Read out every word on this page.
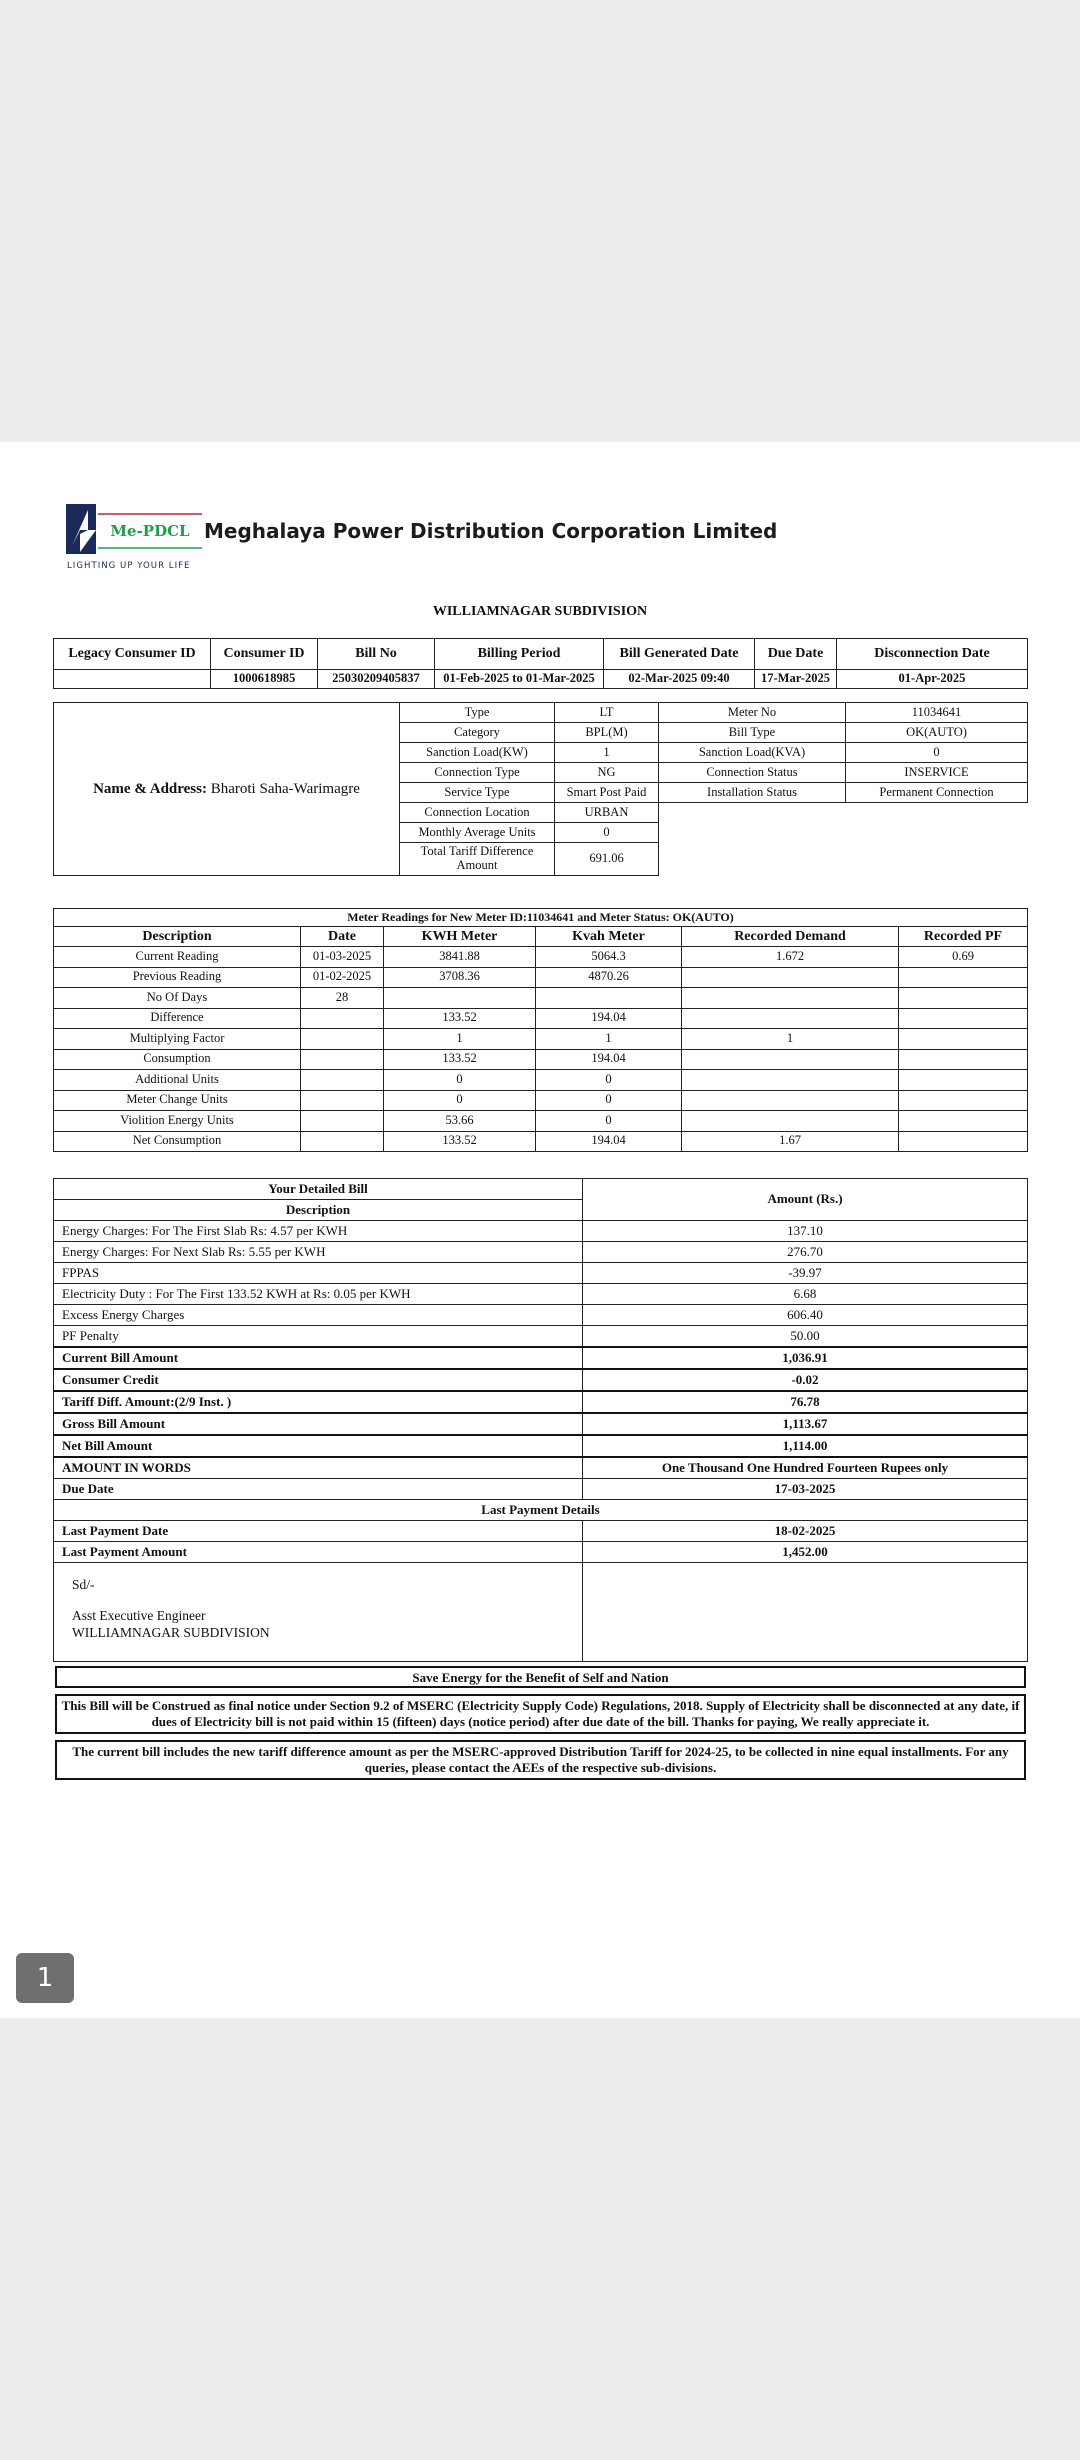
Me-PDCL
LIGHTING UP YOUR LIFE
Meghalaya Power Distribution Corporation Limited
WILLIAMNAGAR SUBDIVISION
Legacy Consumer ID	Consumer ID	Bill No	Billing Period	Bill Generated Date	Due Date	Disconnection Date
	1000618985	25030209405837	01-Feb-2025 to 01-Mar-2025	02-Mar-2025 09:40	17-Mar-2025	01-Apr-2025
Name & Address: Bharoti Saha-Warimagre	Type	LT	Meter No	11034641
	Category	BPL(M)	Bill Type	OK(AUTO)
	Sanction Load(KW)	1	Sanction Load(KVA)	0
	Connection Type	NG	Connection Status	INSERVICE
	Service Type	Smart Post Paid	Installation Status	Permanent Connection
	Connection Location	URBAN		
	Monthly Average Units	0		
	Total Tariff Difference Amount	691.06		
Meter Readings for New Meter ID:11034641 and Meter Status: OK(AUTO)					
Description	Date	KWH Meter	Kvah Meter	Recorded Demand	Recorded PF
Current Reading	01-03-2025	3841.88	5064.3	1.672	0.69
Previous Reading	01-02-2025	3708.36	4870.26		
No Of Days	28				
Difference		133.52	194.04		
Multiplying Factor		1	1	1	
Consumption		133.52	194.04		
Additional Units		0	0		
Meter Change Units		0	0		
Violition Energy Units		53.66	0		
Net Consumption		133.52	194.04	1.67	
Your Detailed Bill	Amount (Rs.)
Description	
Energy Charges: For The First Slab Rs: 4.57 per KWH	137.10
Energy Charges: For Next Slab Rs: 5.55 per KWH	276.70
FPPAS	-39.97
Electricity Duty : For The First 133.52 KWH at Rs: 0.05 per KWH	6.68
Excess Energy Charges	606.40
PF Penalty	50.00
Current Bill Amount	1,036.91
Consumer Credit	-0.02
Tariff Diff. Amount:(2/9 Inst. )	76.78
Gross Bill Amount	1,113.67
Net Bill Amount	1,114.00
AMOUNT IN WORDS	One Thousand One Hundred Fourteen Rupees only
Due Date	17-03-2025
Last Payment Details	
Last Payment Date	18-02-2025
Last Payment Amount	1,452.00

Sd/-
Asst Executive Engineer
WILLIAMNAGAR SUBDIVISION	

Save Energy for the Benefit of Self and Nation
This Bill will be Construed as final notice under Section 9.2 of MSERC (Electricity Supply Code) Regulations, 2018. Supply of Electricity shall be disconnected at any date, if dues of Electricity bill is not paid within 15 (fifteen) days (notice period) after due date of the bill. Thanks for paying, We really appreciate it.
The current bill includes the new tariff difference amount as per the MSERC-approved Distribution Tariff for 2024-25, to be collected in nine equal installments. For any queries, please contact the AEEs of the respective sub-divisions.
1
